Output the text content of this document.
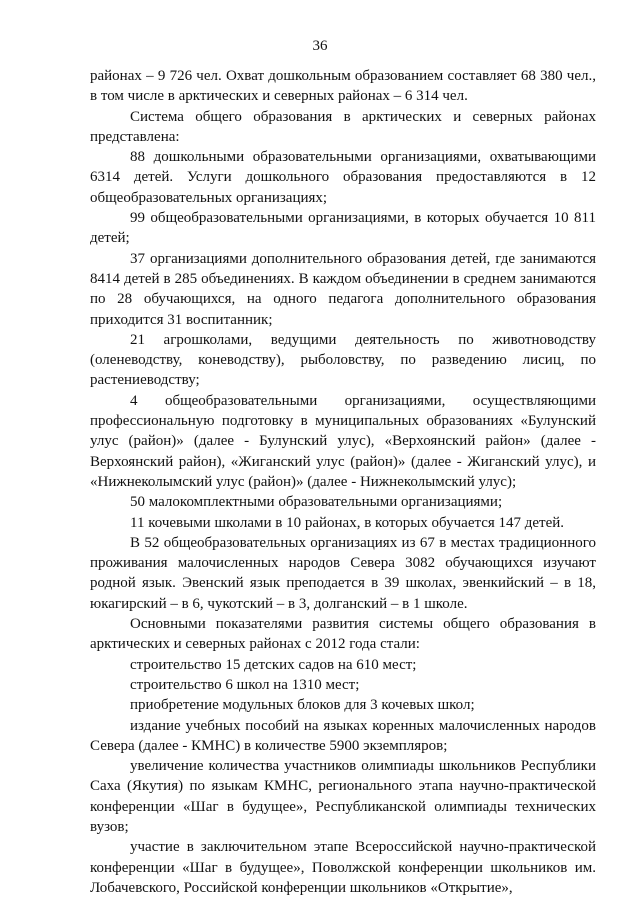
36

районах – 9 726 чел. Охват дошкольным образованием составляет 68 380 чел., в том числе в арктических и северных районах – 6 314 чел.

Система общего образования в арктических и северных районах представлена:

88 дошкольными образовательными организациями, охватывающими 6314 детей. Услуги дошкольного образования предоставляются в 12 общеобразовательных организациях;

99 общеобразовательными организациями, в которых обучается 10 811 детей;

37 организациями дополнительного образования детей, где занимаются 8414 детей в 285 объединениях. В каждом объединении в среднем занимаются по 28 обучающихся, на одного педагога дополнительного образования приходится 31 воспитанник;

21 агрошколами, ведущими деятельность по животноводству (оленеводству, коневодству), рыболовству, по разведению лисиц, по растениеводству;

4 общеобразовательными организациями, осуществляющими профессиональную подготовку в муниципальных образованиях «Булунский улус (район)» (далее - Булунский улус), «Верхоянский район» (далее - Верхоянский район), «Жиганский улус (район)» (далее - Жиганский улус), и «Нижнеколымский улус (район)» (далее - Нижнеколымский улус);

50 малокомплектными образовательными организациями;

11 кочевыми школами в 10 районах, в которых обучается 147 детей.

В 52 общеобразовательных организациях из 67 в местах традиционного проживания малочисленных народов Севера 3082 обучающихся изучают родной язык. Эвенский язык преподается в 39 школах, эвенкийский – в 18, юкагирский – в 6, чукотский – в 3, долганский – в 1 школе.

Основными показателями развития системы общего образования в арктических и северных районах с 2012 года стали:

строительство 15 детских садов на 610 мест;

строительство 6 школ на 1310 мест;

приобретение модульных блоков для 3 кочевых школ;

издание учебных пособий на языках коренных малочисленных народов Севера (далее - КМНС) в количестве 5900 экземпляров;

увеличение количества участников олимпиады школьников Республики Саха (Якутия) по языкам КМНС, регионального этапа научно-практической конференции «Шаг в будущее», Республиканской олимпиады технических вузов;

участие в заключительном этапе Всероссийской научно-практической конференции «Шаг в будущее», Поволжской конференции школьников им. Лобачевского, Российской конференции школьников «Открытие»,
